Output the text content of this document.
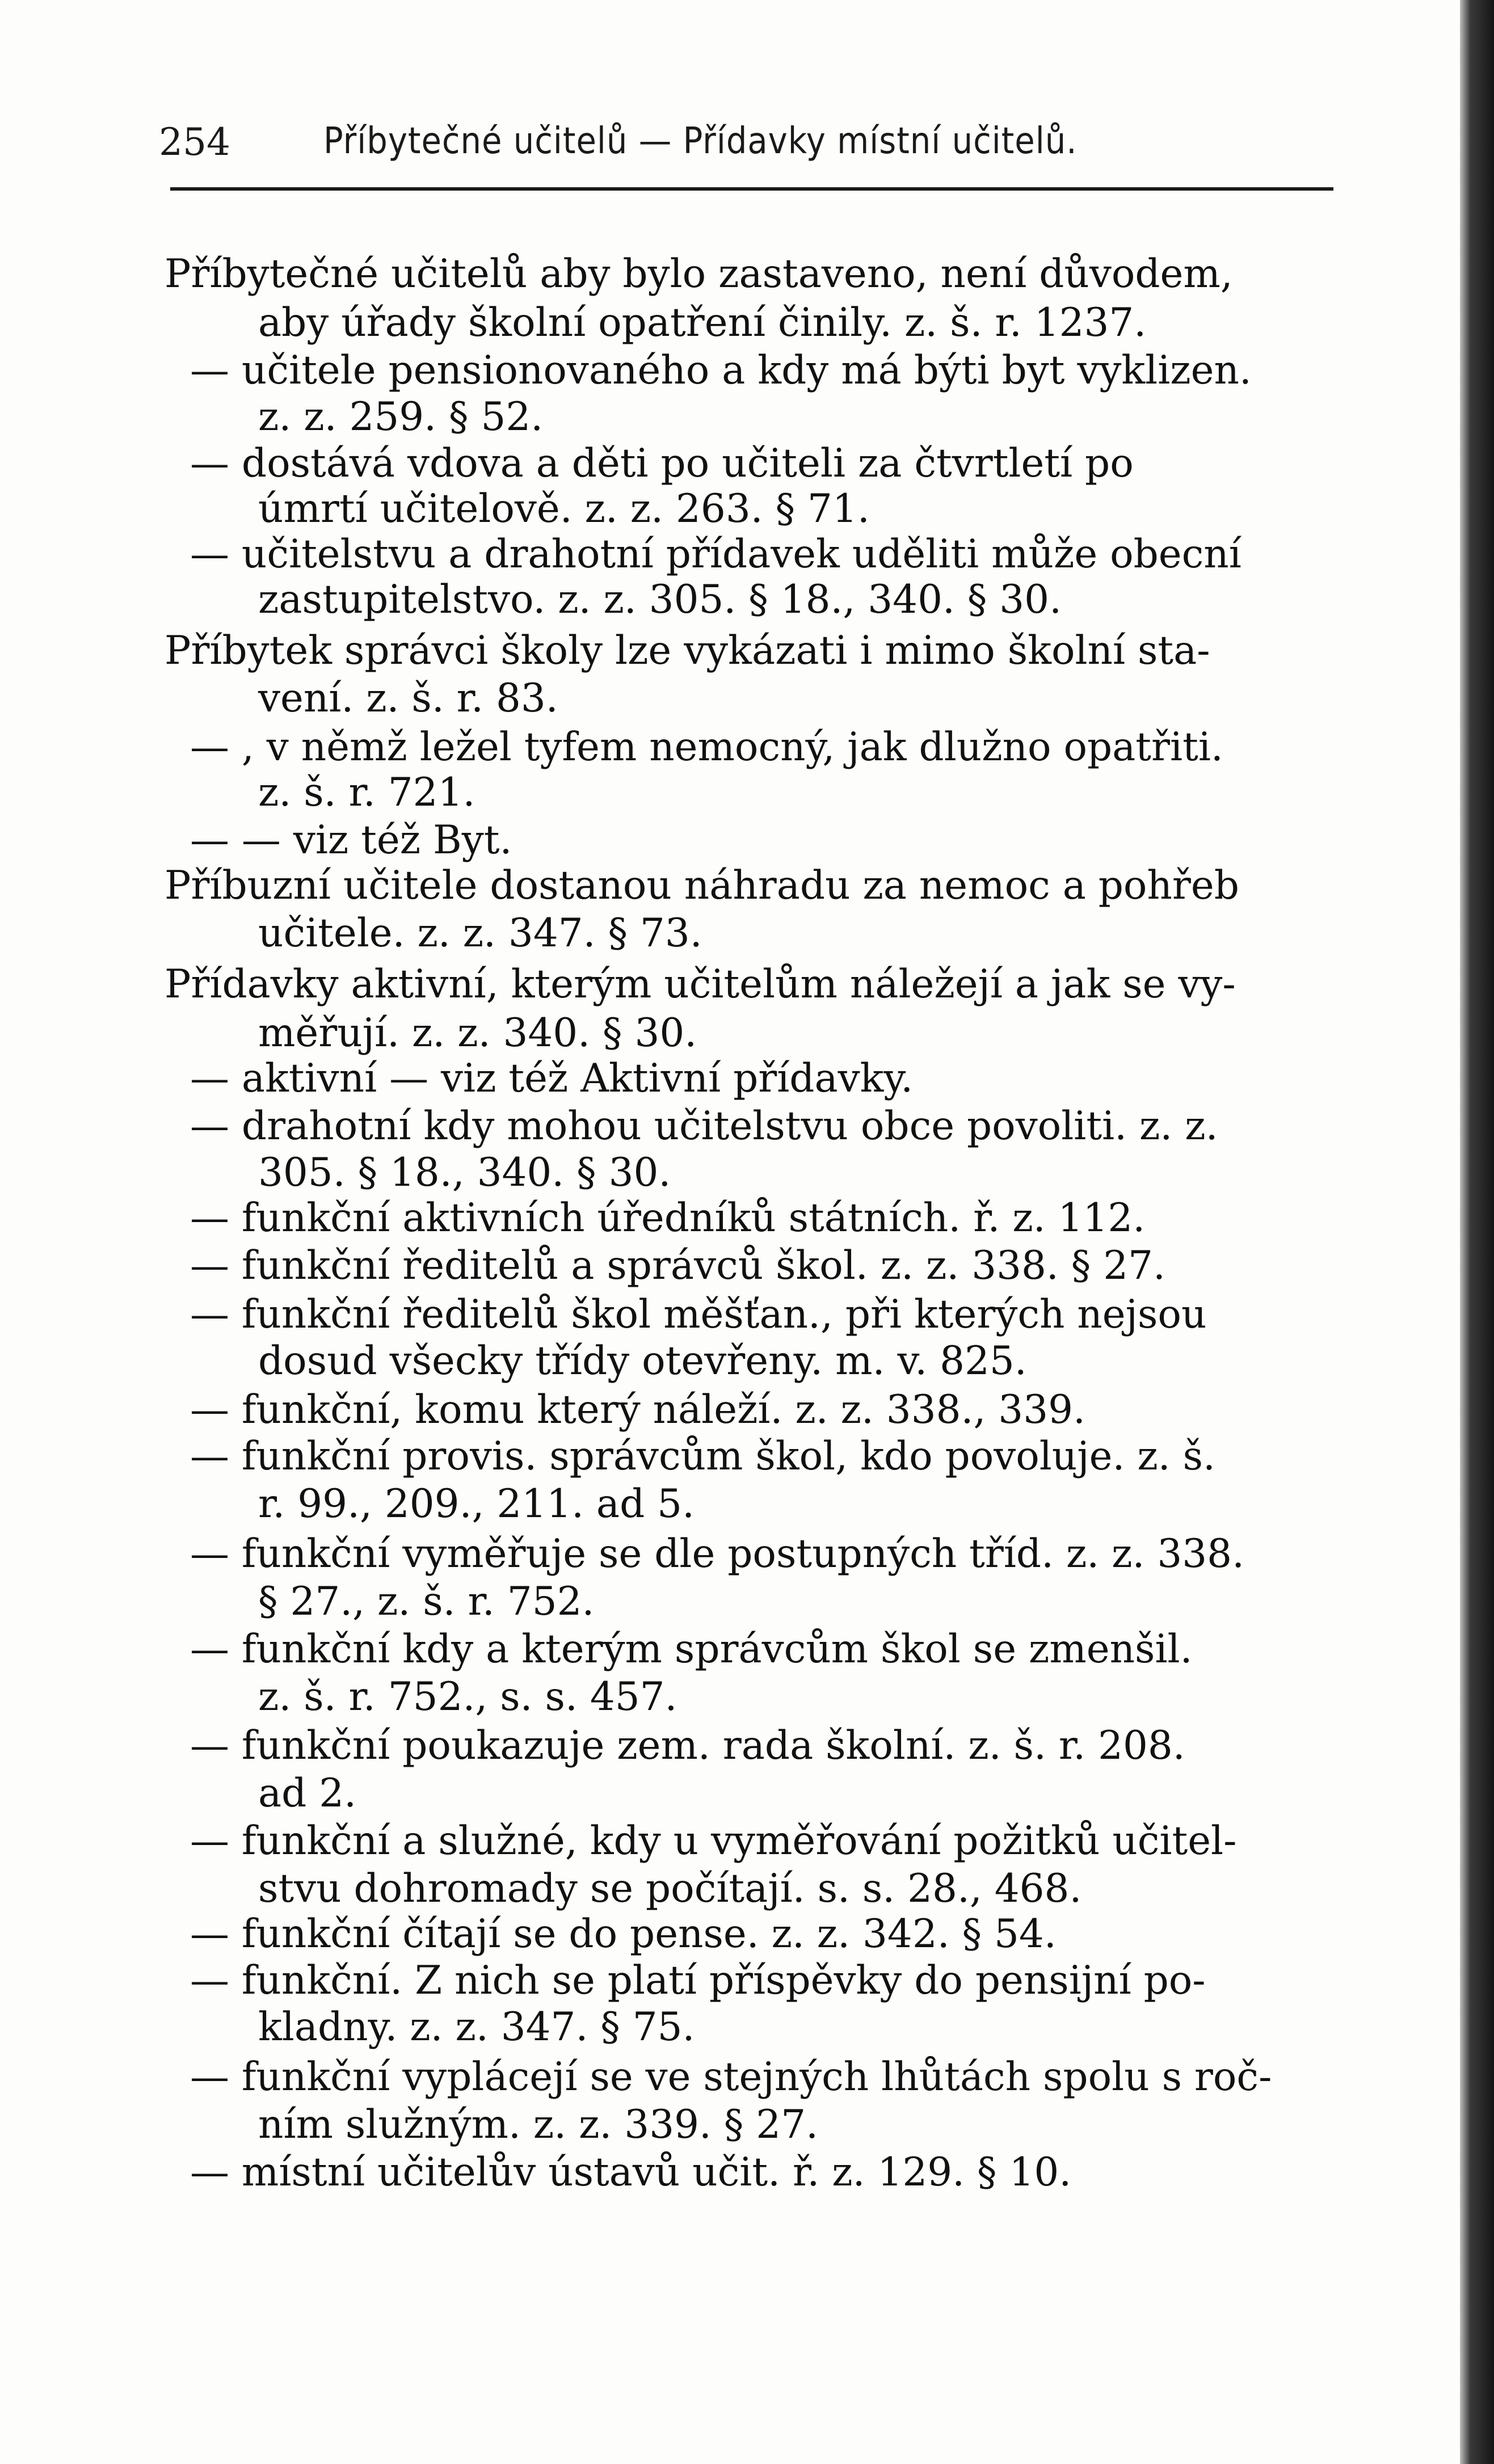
254	Příbytečné učitelů — Přídavky místní učitelů.
Příbytečné učitelů aby bylo zastaveno, není důvodem,
aby úřady školní opatření činily. z. š. r. 1237.
— učitele pensionovaného a kdy má býti byt vyklizen.
z. z. 259. § 52.
— dostává vdova a děti po učiteli za čtvrtletí po
úmrtí učitelově. z. z. 263. § 71.
— učitelstvu a drahotní přídavek uděliti může obecní
zastupitelstvo. z. z. 305. § 18., 340. § 30.
Příbytek správci školy lze vykázati i mimo školní sta-
vení. z. š. r. 83.
— , v němž ležel tyfem nemocný, jak dlužno opatřiti.
z. š. r. 721.
— — viz též Byt.
Příbuzní učitele dostanou náhradu za nemoc a pohřeb
učitele. z. z. 347. § 73.
Přídavky aktivní, kterým učitelům náležejí a jak se vy-
měřují. z. z. 340. § 30.
— aktivní — viz též Aktivní přídavky.
— drahotní kdy mohou učitelstvu obce povoliti. z. z.
305. § 18., 340. § 30.
— funkční aktivních úředníků státních. ř. z. 112.
— funkční ředitelů a správců škol. z. z. 338. § 27.
— funkční ředitelů škol měšťan., při kterých nejsou
dosud všecky třídy otevřeny. m. v. 825.
— funkční, komu který náleží. z. z. 338., 339.
— funkční provis. správcům škol, kdo povoluje. z. š.
r. 99., 209., 211. ad 5.
— funkční vyměřuje se dle postupných tříd. z. z. 338.
§ 27., z. š. r. 752.
— funkční kdy a kterým správcům škol se zmenšil.
z. š. r. 752., s. s. 457.
— funkční poukazuje zem. rada školní. z. š. r. 208.
ad 2.
— funkční a služné, kdy u vyměřování požitků učitel-
stvu dohromady se počítají. s. s. 28., 468.
— funkční čítají se do pense. z. z. 342. § 54.
— funkční. Z nich se platí příspěvky do pensijní po-
kladny. z. z. 347. § 75.
— funkční vyplácejí se ve stejných lhůtách spolu s roč-
ním služným. z. z. 339. § 27.
— místní učitelův ústavů učit. ř. z. 129. § 10.
